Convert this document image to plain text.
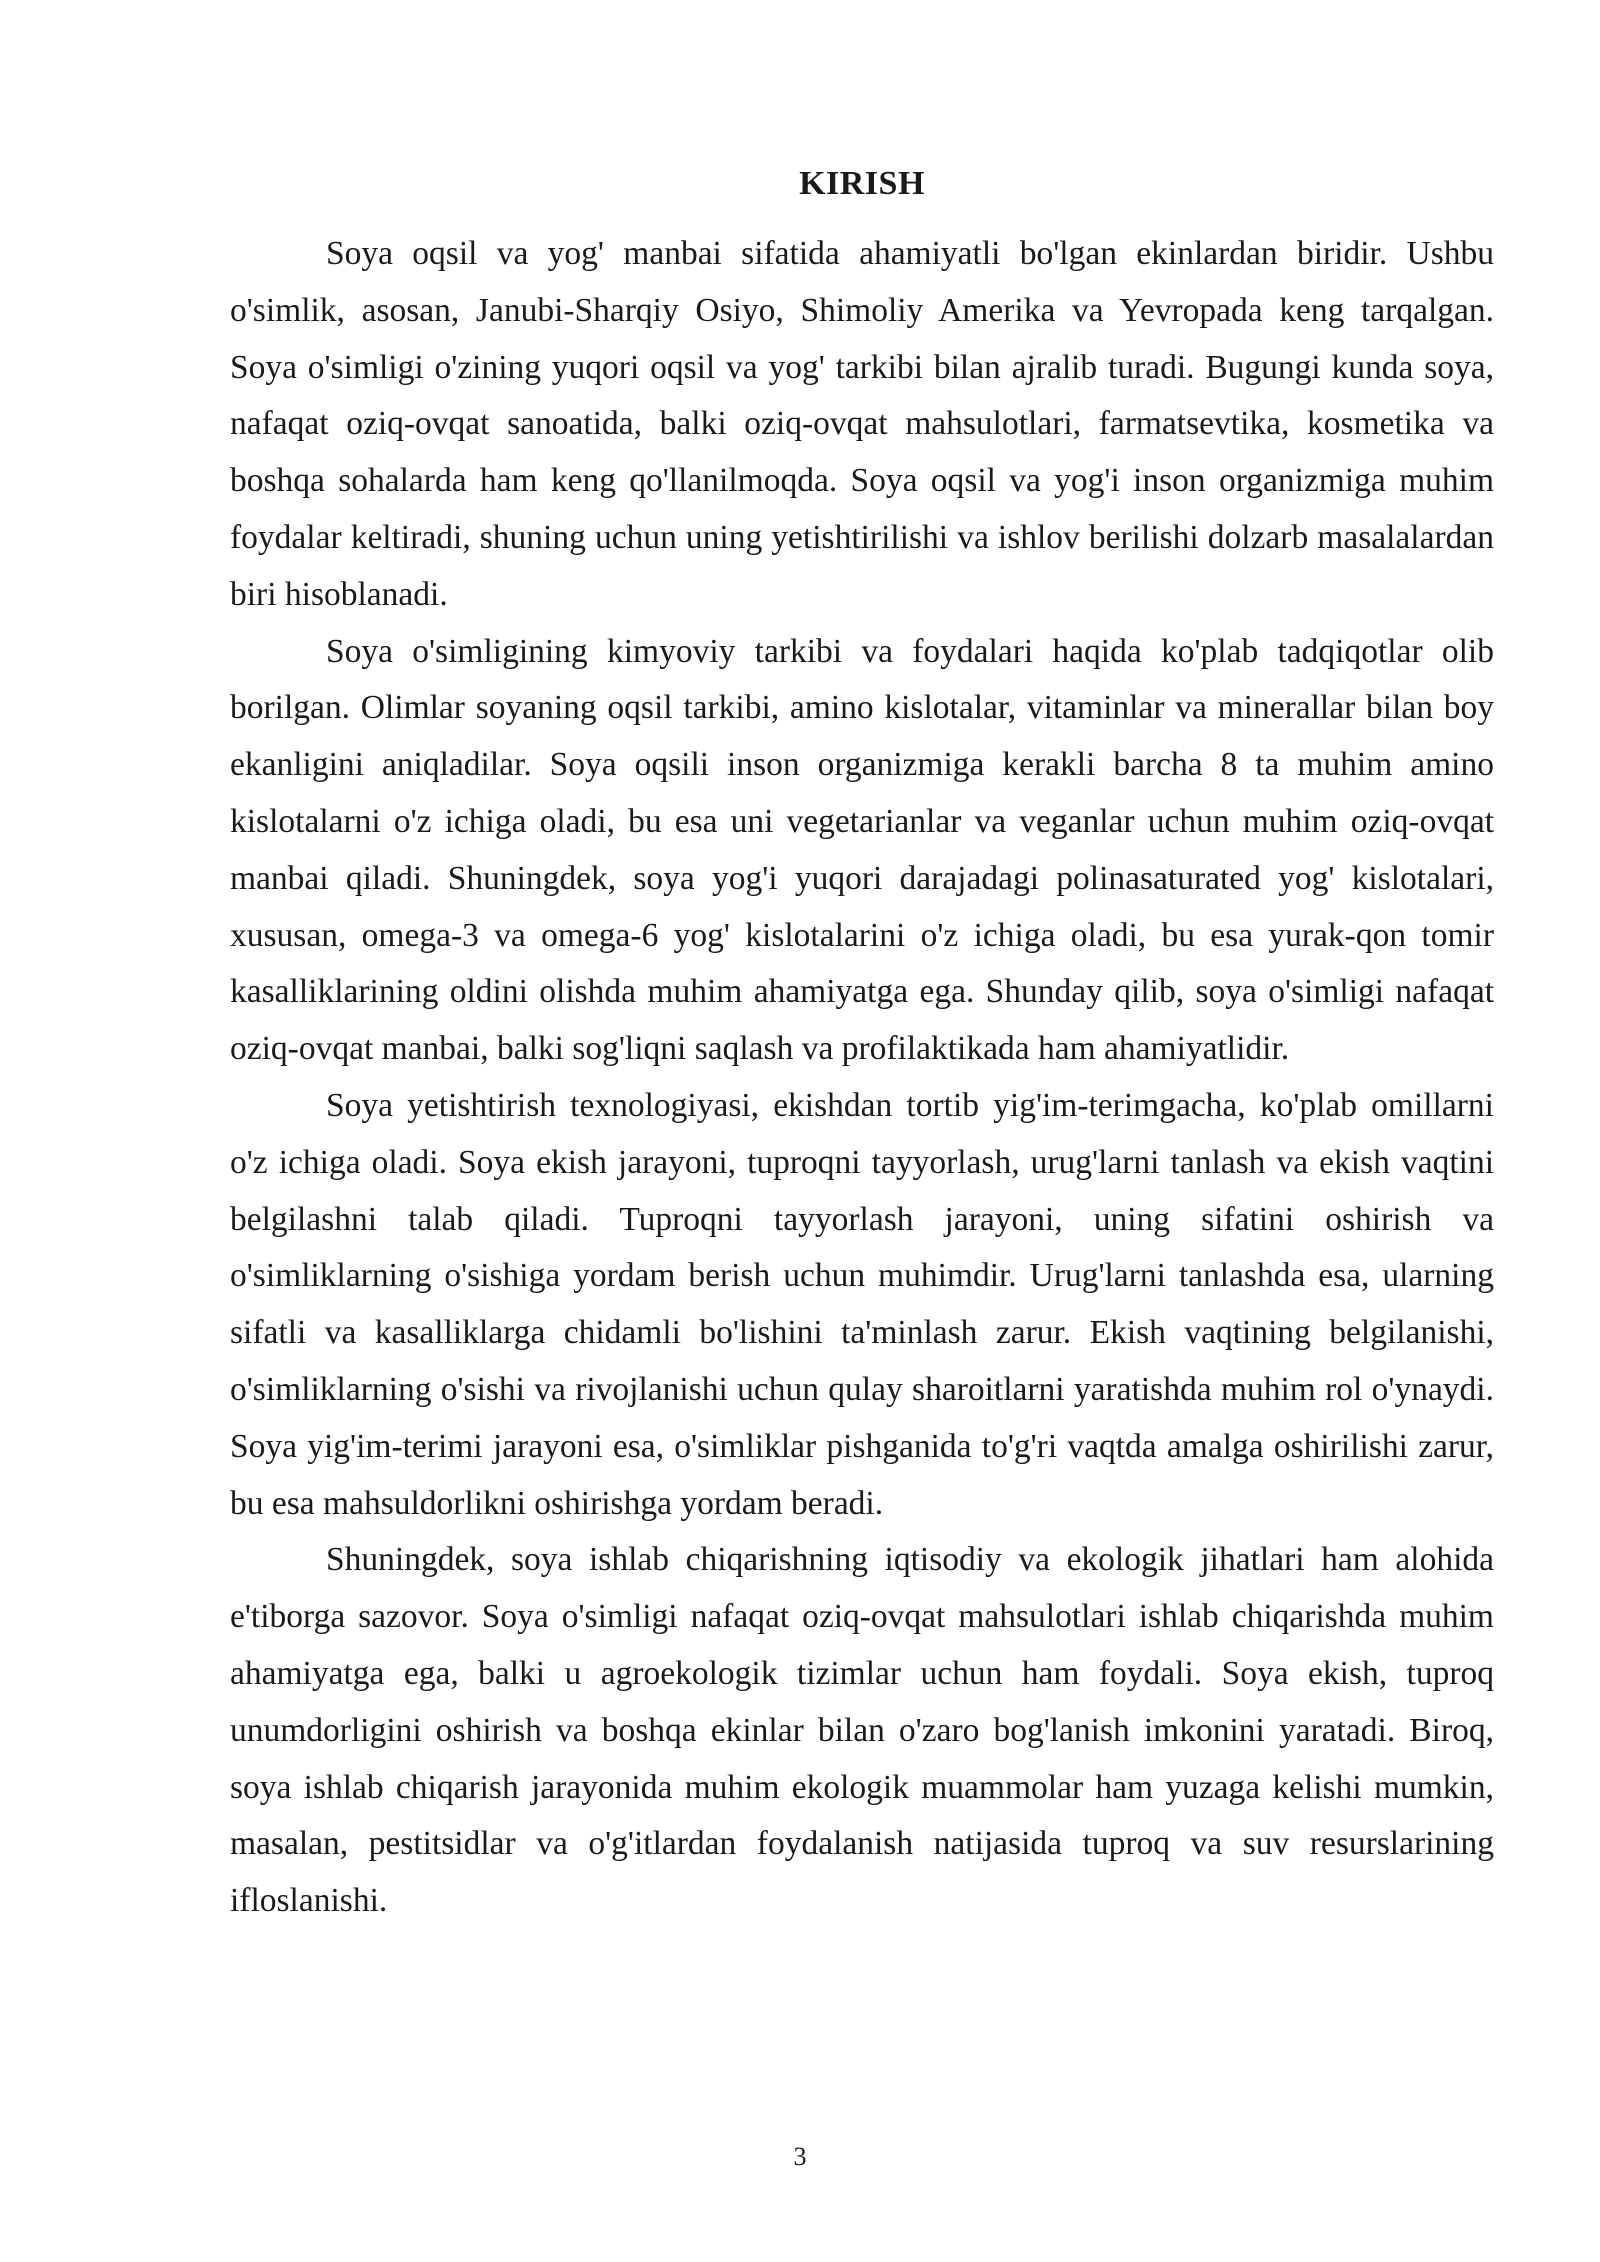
KIRISH

Soya oqsil va yog' manbai sifatida ahamiyatli bo'lgan ekinlardan biridir. Ushbu o'simlik, asosan, Janubi-Sharqiy Osiyo, Shimoliy Amerika va Yevropada keng tarqalgan. Soya o'simligi o'zining yuqori oqsil va yog' tarkibi bilan ajralib turadi. Bugungi kunda soya, nafaqat oziq-ovqat sanoatida, balki oziq-ovqat mahsulotlari, farmatsevtika, kosmetika va boshqa sohalarda ham keng qo'llanilmoqda. Soya oqsil va yog'i inson organizmiga muhim foydalar keltiradi, shuning uchun uning yetishtirilishi va ishlov berilishi dolzarb masalalardan biri hisoblanadi.

Soya o'simligining kimyoviy tarkibi va foydalari haqida ko'plab tadqiqotlar olib borilgan. Olimlar soyaning oqsil tarkibi, amino kislotalar, vitaminlar va minerallar bilan boy ekanligini aniqladilar. Soya oqsili inson organizmiga kerakli barcha 8 ta muhim amino kislotalarni o'z ichiga oladi, bu esa uni vegetarianlar va veganlar uchun muhim oziq-ovqat manbai qiladi. Shuningdek, soya yog'i yuqori darajadagi polinasaturated yog' kislotalari, xususan, omega-3 va omega-6 yog' kislotalarini o'z ichiga oladi, bu esa yurak-qon tomir kasalliklarining oldini olishda muhim ahamiyatga ega. Shunday qilib, soya o'simligi nafaqat oziq-ovqat manbai, balki sog'liqni saqlash va profilaktikada ham ahamiyatlidir.

Soya yetishtirish texnologiyasi, ekishdan tortib yig'im-terimgacha, ko'plab omillarni o'z ichiga oladi. Soya ekish jarayoni, tuproqni tayyorlash, urug'larni tanlash va ekish vaqtini belgilashni talab qiladi. Tuproqni tayyorlash jarayoni, uning sifatini oshirish va o'simliklarning o'sishiga yordam berish uchun muhimdir. Urug'larni tanlashda esa, ularning sifatli va kasalliklarga chidamli bo'lishini ta'minlash zarur. Ekish vaqtining belgilanishi, o'simliklarning o'sishi va rivojlanishi uchun qulay sharoitlarni yaratishda muhim rol o'ynaydi. Soya yig'im-terimi jarayoni esa, o'simliklar pishganida to'g'ri vaqtda amalga oshirilishi zarur, bu esa mahsuldorlikni oshirishga yordam beradi.

Shuningdek, soya ishlab chiqarishning iqtisodiy va ekologik jihatlari ham alohida e'tiborga sazovor. Soya o'simligi nafaqat oziq-ovqat mahsulotlari ishlab chiqarishda muhim ahamiyatga ega, balki u agroekologik tizimlar uchun ham foydali. Soya ekish, tuproq unumdorligini oshirish va boshqa ekinlar bilan o'zaro bog'lanish imkonini yaratadi. Biroq, soya ishlab chiqarish jarayonida muhim ekologik muammolar ham yuzaga kelishi mumkin, masalan, pestitsidlar va o'g'itlardan foydalanish natijasida tuproq va suv resurslarining ifloslanishi.

3
